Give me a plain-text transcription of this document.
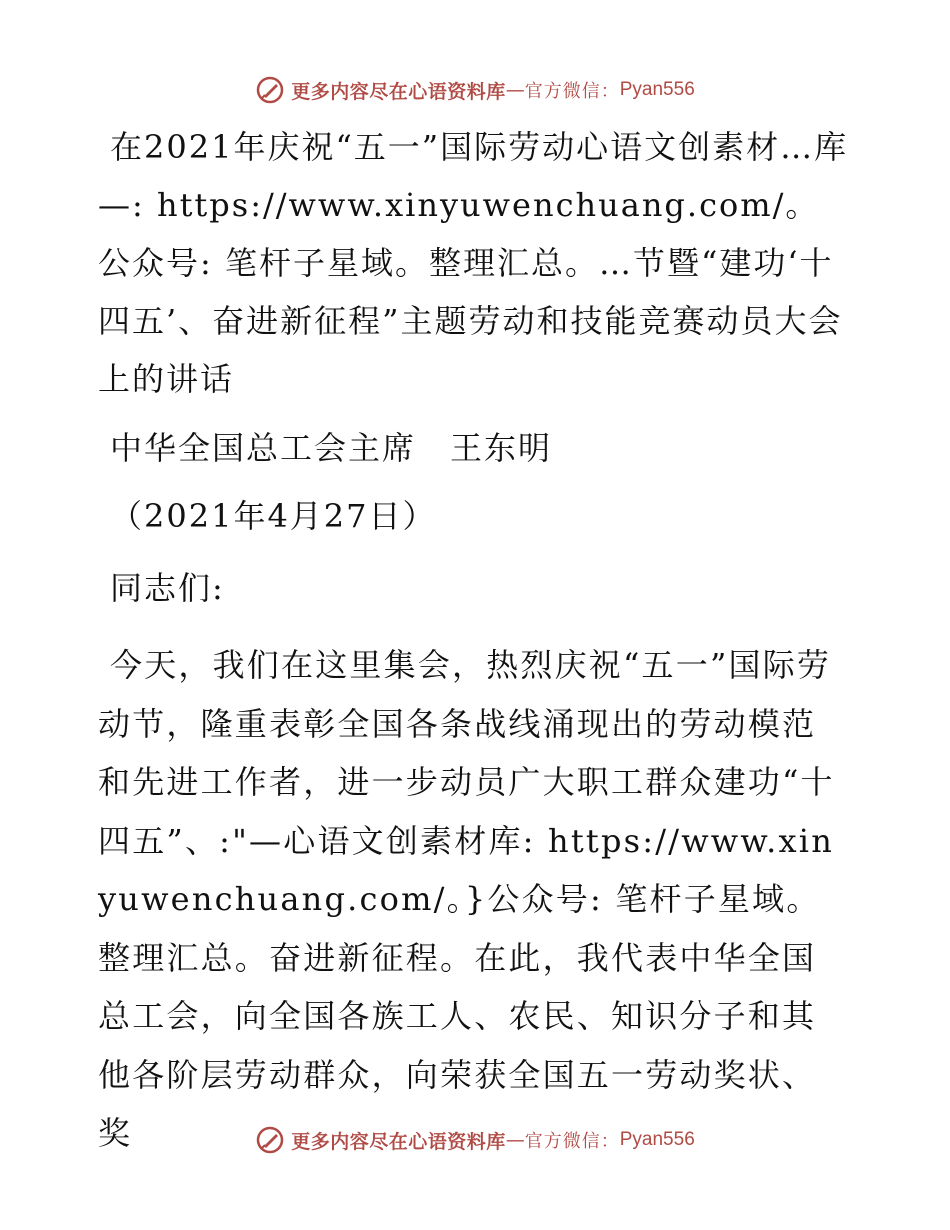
更多内容尽在心语资料库 — 官方微信： Pyan556

在2021年庆祝“五一”国际劳动心语文创素材…库—: https://www.xinyuwenchuang.com/。公众号: 笔杆子星域。整理汇总。…节暨“建功‘十四五’、奋进新征程”主题劳动和技能竞赛动员大会上的讲话

中华全国总工会主席　王东明

（2021年4月27日）

同志们:

今天，我们在这里集会，热烈庆祝“五一”国际劳动节，隆重表彰全国各条战线涌现出的劳动模范和先进工作者，进一步动员广大职工群众建功“十四五”、:"—心语文创素材库: https://www.xinyuwenchuang.com/。}公众号: 笔杆子星域。整理汇总。奋进新征程。在此，我代表中华全国总工会，向全国各族工人、农民、知识分子和其他各阶层劳动群众，向荣获全国五一劳动奖状、奖	更多内容尽在心语资料库 — 官方微信： Pyan556
